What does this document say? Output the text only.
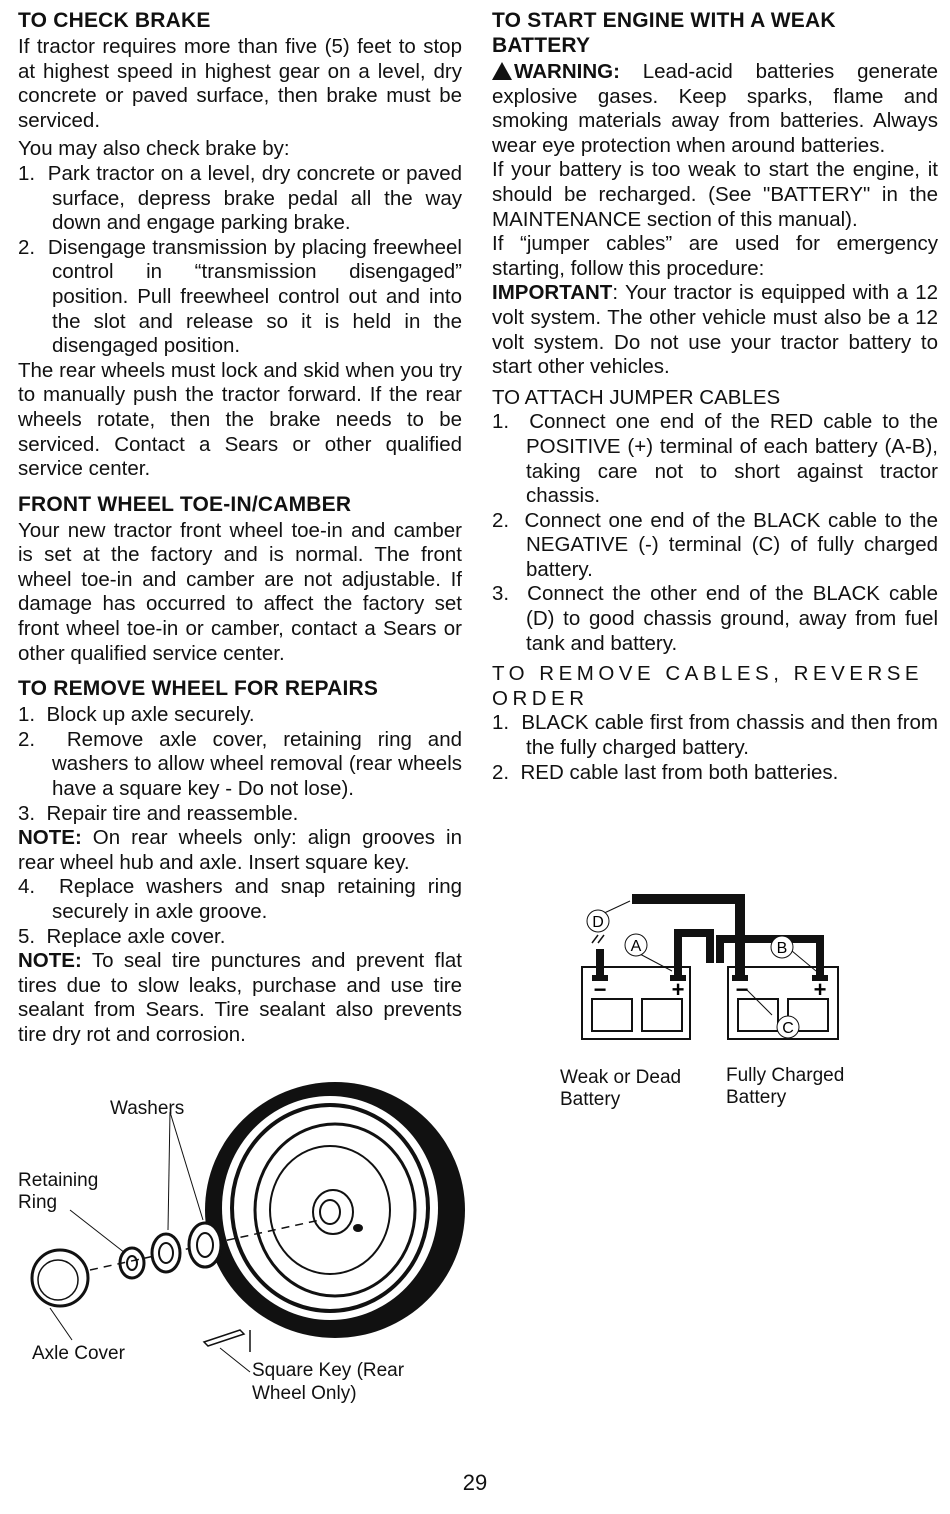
TO CHECK BRAKE

If tractor requires more than five (5) feet to stop at highest speed in highest gear on a level, dry concrete or paved surface, then brake must be serviced.

You may also check brake by:

1.  Park tractor on a level, dry concrete or paved surface, depress brake pedal all the way down and engage parking brake.
2.  Disengage transmission by placing freewheel control in “transmission disengaged” position. Pull freewheel control out and into the slot and release so it is held in the disengaged position.

The rear wheels must lock and skid when you try to manually push the tractor forward. If the rear wheels rotate, then the brake needs to be serviced. Contact a Sears or other qualified service center.

FRONT WHEEL TOE-IN/CAMBER

Your new tractor front wheel toe-in and camber is set at the factory and is normal. The front wheel toe-in and camber are not adjustable. If damage has occurred to affect the factory set front wheel toe-in or camber, contact a Sears or other qualified service center.

TO REMOVE WHEEL FOR REPAIRS
1.  Block up axle securely.
2.  Remove axle cover, retaining ring and washers to allow wheel removal (rear wheels have a square key - Do not lose).
3.  Repair tire and reassemble.

NOTE: On rear wheels only: align grooves in rear wheel hub and axle. Insert square key.

4.  Replace washers and snap retaining ring securely in axle groove.
5.  Replace axle cover.

NOTE: To seal tire punctures and prevent flat tires due to slow leaks, purchase and use tire sealant from Sears. Tire sealant also prevents tire dry rot and corrosion.

Washers
Retaining
Ring
Axle Cover
Square Key (Rear
Wheel Only)
00863
TO START ENGINE WITH A WEAK BATTERY

WARNING: Lead-acid batteries generate explosive gases. Keep sparks, flame and smoking materials away from batteries. Always wear eye protection when around batteries.

If your battery is too weak to start the engine, it should be recharged. (See "BATTERY" in the MAINTENANCE section of this manual).

If “jumper cables” are used for emergency starting, follow this procedure:

IMPORTANT: Your tractor is equipped with a 12 volt system. The other vehicle must also be a 12 volt system. Do not use your tractor battery to start other vehicles.

TO ATTACH JUMPER CABLES
1.  Connect one end of the RED cable to the POSITIVE (+) terminal of each battery (A-B), taking care not to short against tractor chassis.
2.  Connect one end of the BLACK cable to the NEGATIVE (-) terminal (C) of fully charged battery.
3.  Connect the other end of the BLACK cable (D) to good chassis ground, away from fuel tank and battery.
TO REMOVE CABLES, REVERSE ORDER
1.  BLACK cable first from chassis and then from the fully charged battery.
2.  RED cable last from both batteries.
D
A	B
C
−	+ −	+
Weak or Dead
Battery
Fully Charged
Battery
29
